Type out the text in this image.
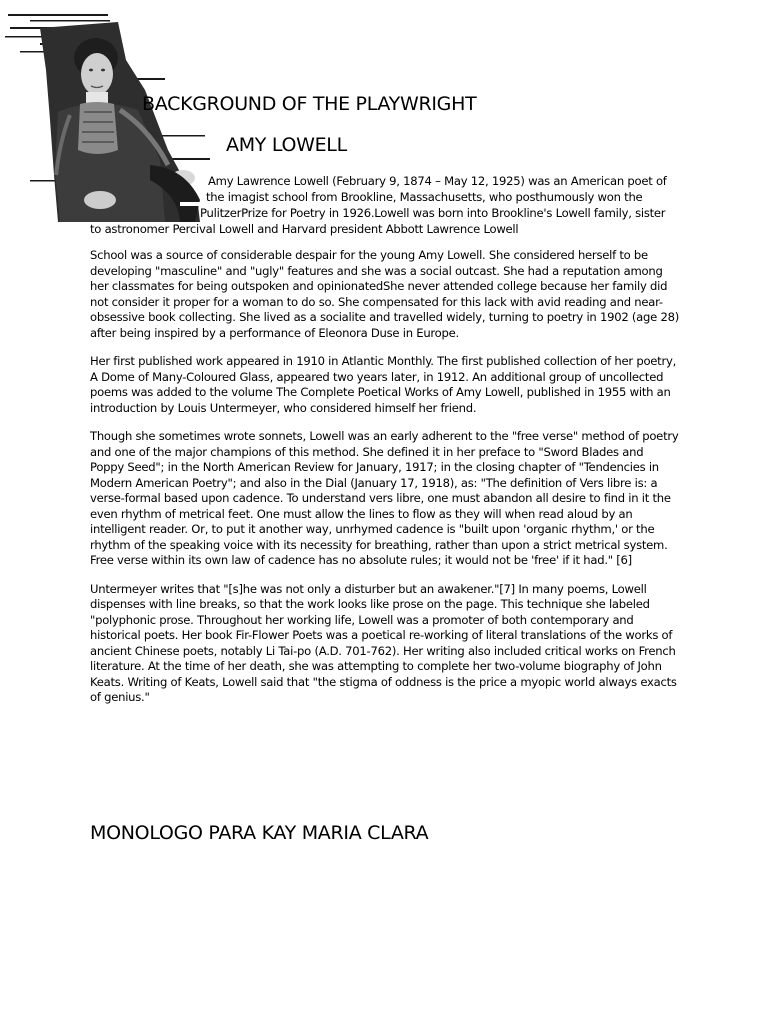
BACKGROUND OF THE PLAYWRIGHT
AMY LOWELL
Amy Lawrence Lowell (February 9, 1874 – May 12, 1925) was an American poet of
the imagist school from Brookline, Massachusetts, who posthumously won the
PulitzerPrize for Poetry in 1926.Lowell was born into Brookline's Lowell family, sister
to astronomer Percival Lowell and Harvard president Abbott Lawrence Lowell

School was a source of considerable despair for the young Amy Lowell. She considered herself to be developing "masculine" and "ugly" features and she was a social outcast. She had a reputation among her classmates for being outspoken and opinionatedShe never attended college because her family did not consider it proper for a woman to do so. She compensated for this lack with avid reading and near-obsessive book collecting. She lived as a socialite and travelled widely, turning to poetry in 1902 (age 28) after being inspired by a performance of Eleonora Duse in Europe.

Her first published work appeared in 1910 in Atlantic Monthly. The first published collection of her poetry, A Dome of Many-Coloured Glass, appeared two years later, in 1912. An additional group of uncollected poems was added to the volume The Complete Poetical Works of Amy Lowell, published in 1955 with an introduction by Louis Untermeyer, who considered himself her friend.

Though she sometimes wrote sonnets, Lowell was an early adherent to the "free verse" method of poetry and one of the major champions of this method. She defined it in her preface to "Sword Blades and Poppy Seed"; in the North American Review for January, 1917; in the closing chapter of "Tendencies in Modern American Poetry"; and also in the Dial (January 17, 1918), as: "The definition of Vers libre is: a verse-formal based upon cadence. To understand vers libre, one must abandon all desire to find in it the even rhythm of metrical feet. One must allow the lines to flow as they will when read aloud by an intelligent reader. Or, to put it another way, unrhymed cadence is "built upon 'organic rhythm,' or the rhythm of the speaking voice with its necessity for breathing, rather than upon a strict metrical system. Free verse within its own law of cadence has no absolute rules; it would not be 'free' if it had." [6]

Untermeyer writes that "[s]he was not only a disturber but an awakener."[7] In many poems, Lowell dispenses with line breaks, so that the work looks like prose on the page. This technique she labeled "polyphonic prose. Throughout her working life, Lowell was a promoter of both contemporary and historical poets. Her book Fir-Flower Poets was a poetical re-working of literal translations of the works of ancient Chinese poets, notably Li Tai-po (A.D. 701-762). Her writing also included critical works on French literature. At the time of her death, she was attempting to complete her two-volume biography of John Keats. Writing of Keats, Lowell said that "the stigma of oddness is the price a myopic world always exacts of genius."

MONOLOGO PARA KAY MARIA CLARA
